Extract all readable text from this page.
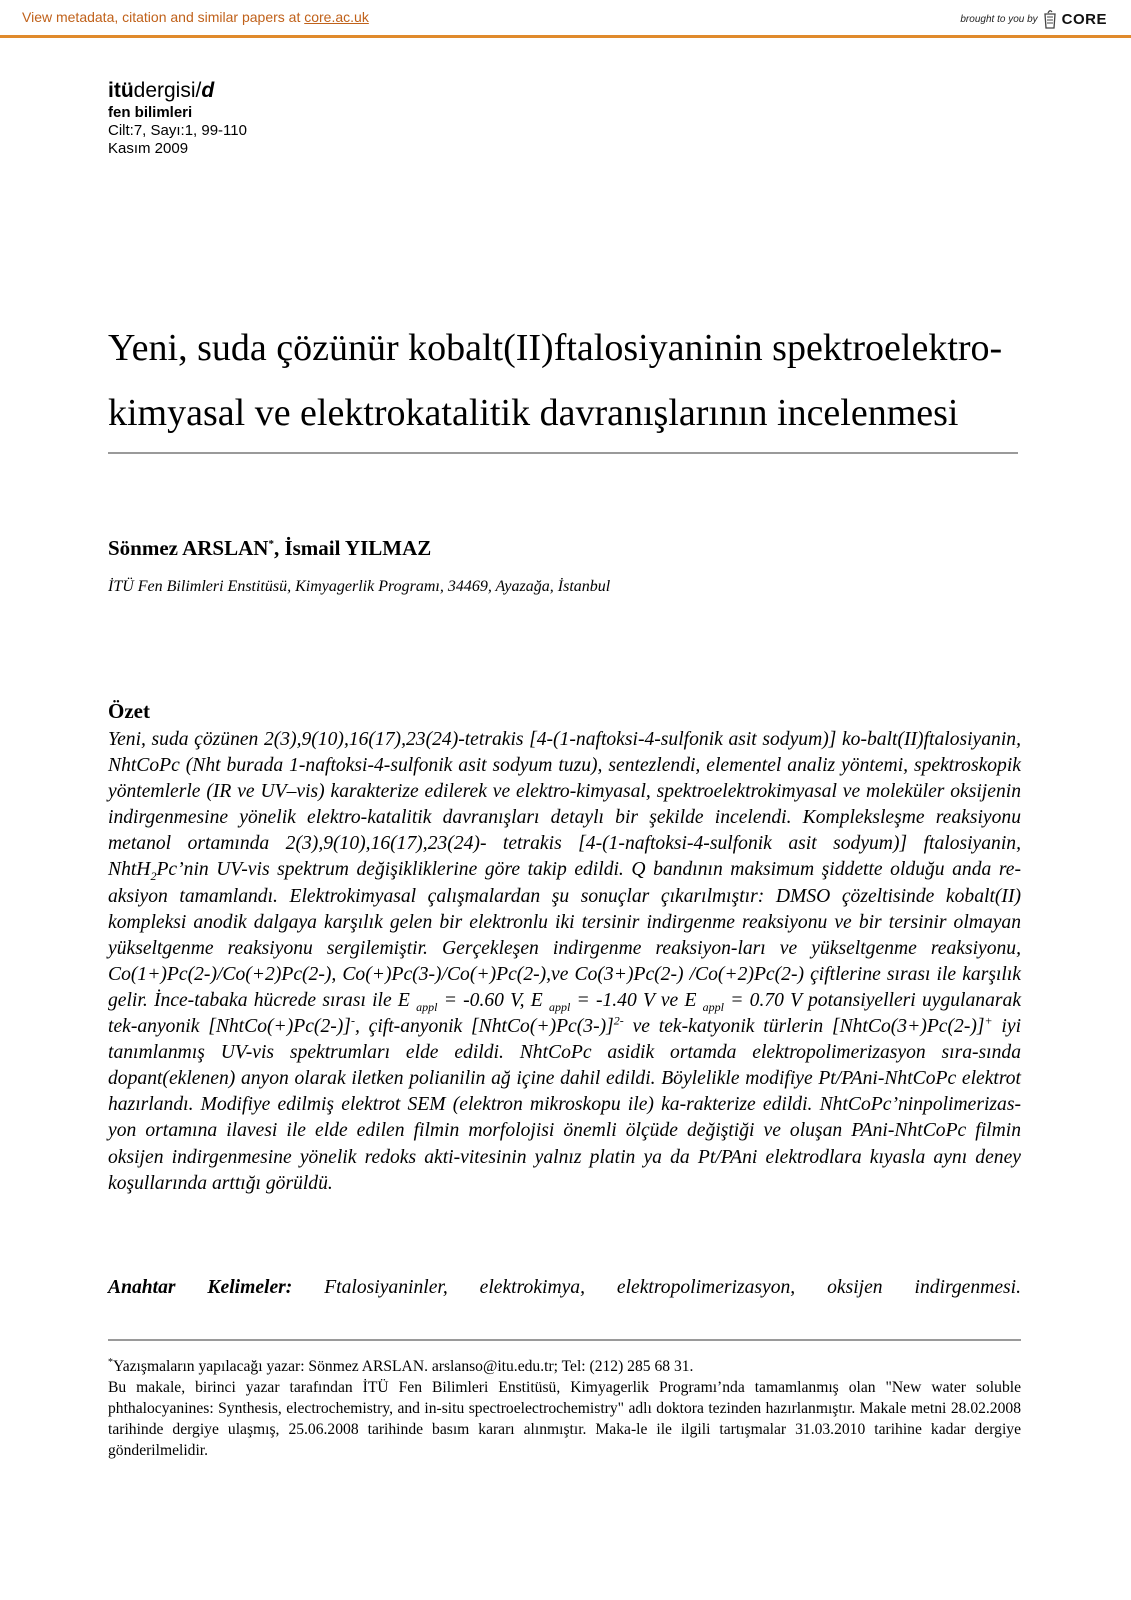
View metadata, citation and similar papers at core.ac.uk	brought to you by CORE
itüdergisi/d
fen bilimleri
Cilt:7, Sayı:1, 99-110
Kasım 2009
Yeni, suda çözünür kobalt(II)ftalosiyaninin spektroelektro-kimyasal ve elektrokatalitik davranışlarının incelenmesi
Sönmez ARSLAN*, İsmail YILMAZ
İTÜ Fen Bilimleri Enstitüsü, Kimyagerlik Programı, 34469, Ayazağa, İstanbul
Özet

Yeni, suda çözünen 2(3),9(10),16(17),23(24)-tetrakis [4-(1-naftoksi-4-sulfonik asit sodyum)] ko-balt(II)ftalosiyanin, NhtCoPc (Nht burada 1-naftoksi-4-sulfonik asit sodyum tuzu), sentezlendi, elementel analiz yöntemi, spektroskopik yöntemlerle (IR ve UV–vis) karakterize edilerek ve elektro-kimyasal, spektroelektrokimyasal ve moleküler oksijenin indirgenmesine yönelik elektro-katalitik davranışları detaylı bir şekilde incelendi. Kompleksleşme reaksiyonu metanol ortamında 2(3),9(10),16(17),23(24)- tetrakis [4-(1-naftoksi-4-sulfonik asit sodyum)] ftalosiyanin, NhtH$_2$Pc’nin UV-vis spektrum değişikliklerine göre takip edildi. Q bandının maksimum şiddette olduğu anda re-aksiyon tamamlandı. Elektrokimyasal çalışmalardan şu sonuçlar çıkarılmıştır: DMSO çözeltisinde kobalt(II) kompleksi anodik dalgaya karşılık gelen bir elektronlu iki tersinir indirgenme reaksiyonu ve bir tersinir olmayan yükseltgenme reaksiyonu sergilemiştir. Gerçekleşen indirgenme reaksiyon-ları ve yükseltgenme reaksiyonu, Co(1+)Pc(2-)/Co(+2)Pc(2-), Co(+)Pc(3-)/Co(+)Pc(2-),ve Co(3+)Pc(2-) /Co(+2)Pc(2-) çiftlerine sırası ile karşılık gelir. İnce-tabaka hücrede sırası ile E $_{appl}$ = -0.60 V, E $_{appl}$ = -1.40 V ve E $_{appl}$ = 0.70 V potansiyelleri uygulanarak tek-anyonik [NhtCo(+)Pc(2-)]-, çift-anyonik [NhtCo(+)Pc(3-)]$^{2-}$ ve tek-katyonik türlerin [NhtCo(3+)Pc(2-)]+ iyi tanımlanmış UV-vis spektrumları elde edildi. NhtCoPc asidik ortamda elektropolimerizasyon sıra-sında dopant(eklenen) anyon olarak iletken polianilin ağ içine dahil edildi. Böylelikle modifiye Pt/PAni-NhtCoPc elektrot hazırlandı. Modifiye edilmiş elektrot SEM (elektron mikroskopu ile) ka-rakterize edildi. NhtCoPc’ninpolimerizas-yon ortamına ilavesi ile elde edilen filmin morfolojisi önemli ölçüde değiştiği ve oluşan PAni-NhtCoPc filmin oksijen indirgenmesine yönelik redoks akti-vitesinin yalnız platin ya da Pt/PAni elektrodlara kıyasla aynı deney koşullarında arttığı görüldü.

Anahtar Kelimeler: Ftalosiyaninler, elektrokimya, elektropolimerizasyon, oksijen indirgenmesi.

*Yazışmaların yapılacağı yazar: Sönmez ARSLAN. arslanso@itu.edu.tr; Tel: (212) 285 68 31.
Bu makale, birinci yazar tarafından İTÜ Fen Bilimleri Enstitüsü, Kimyagerlik Programı’nda tamamlanmış olan "New water soluble phthalocyanines: Synthesis, electrochemistry, and in-situ spectroelectrochemistry" adlı doktora tezinden hazırlanmıştır. Makale metni 28.02.2008 tarihinde dergiye ulaşmış, 25.06.2008 tarihinde basım kararı alınmıştır. Maka-le ile ilgili tartışmalar 31.03.2010 tarihine kadar dergiye gönderilmelidir.
